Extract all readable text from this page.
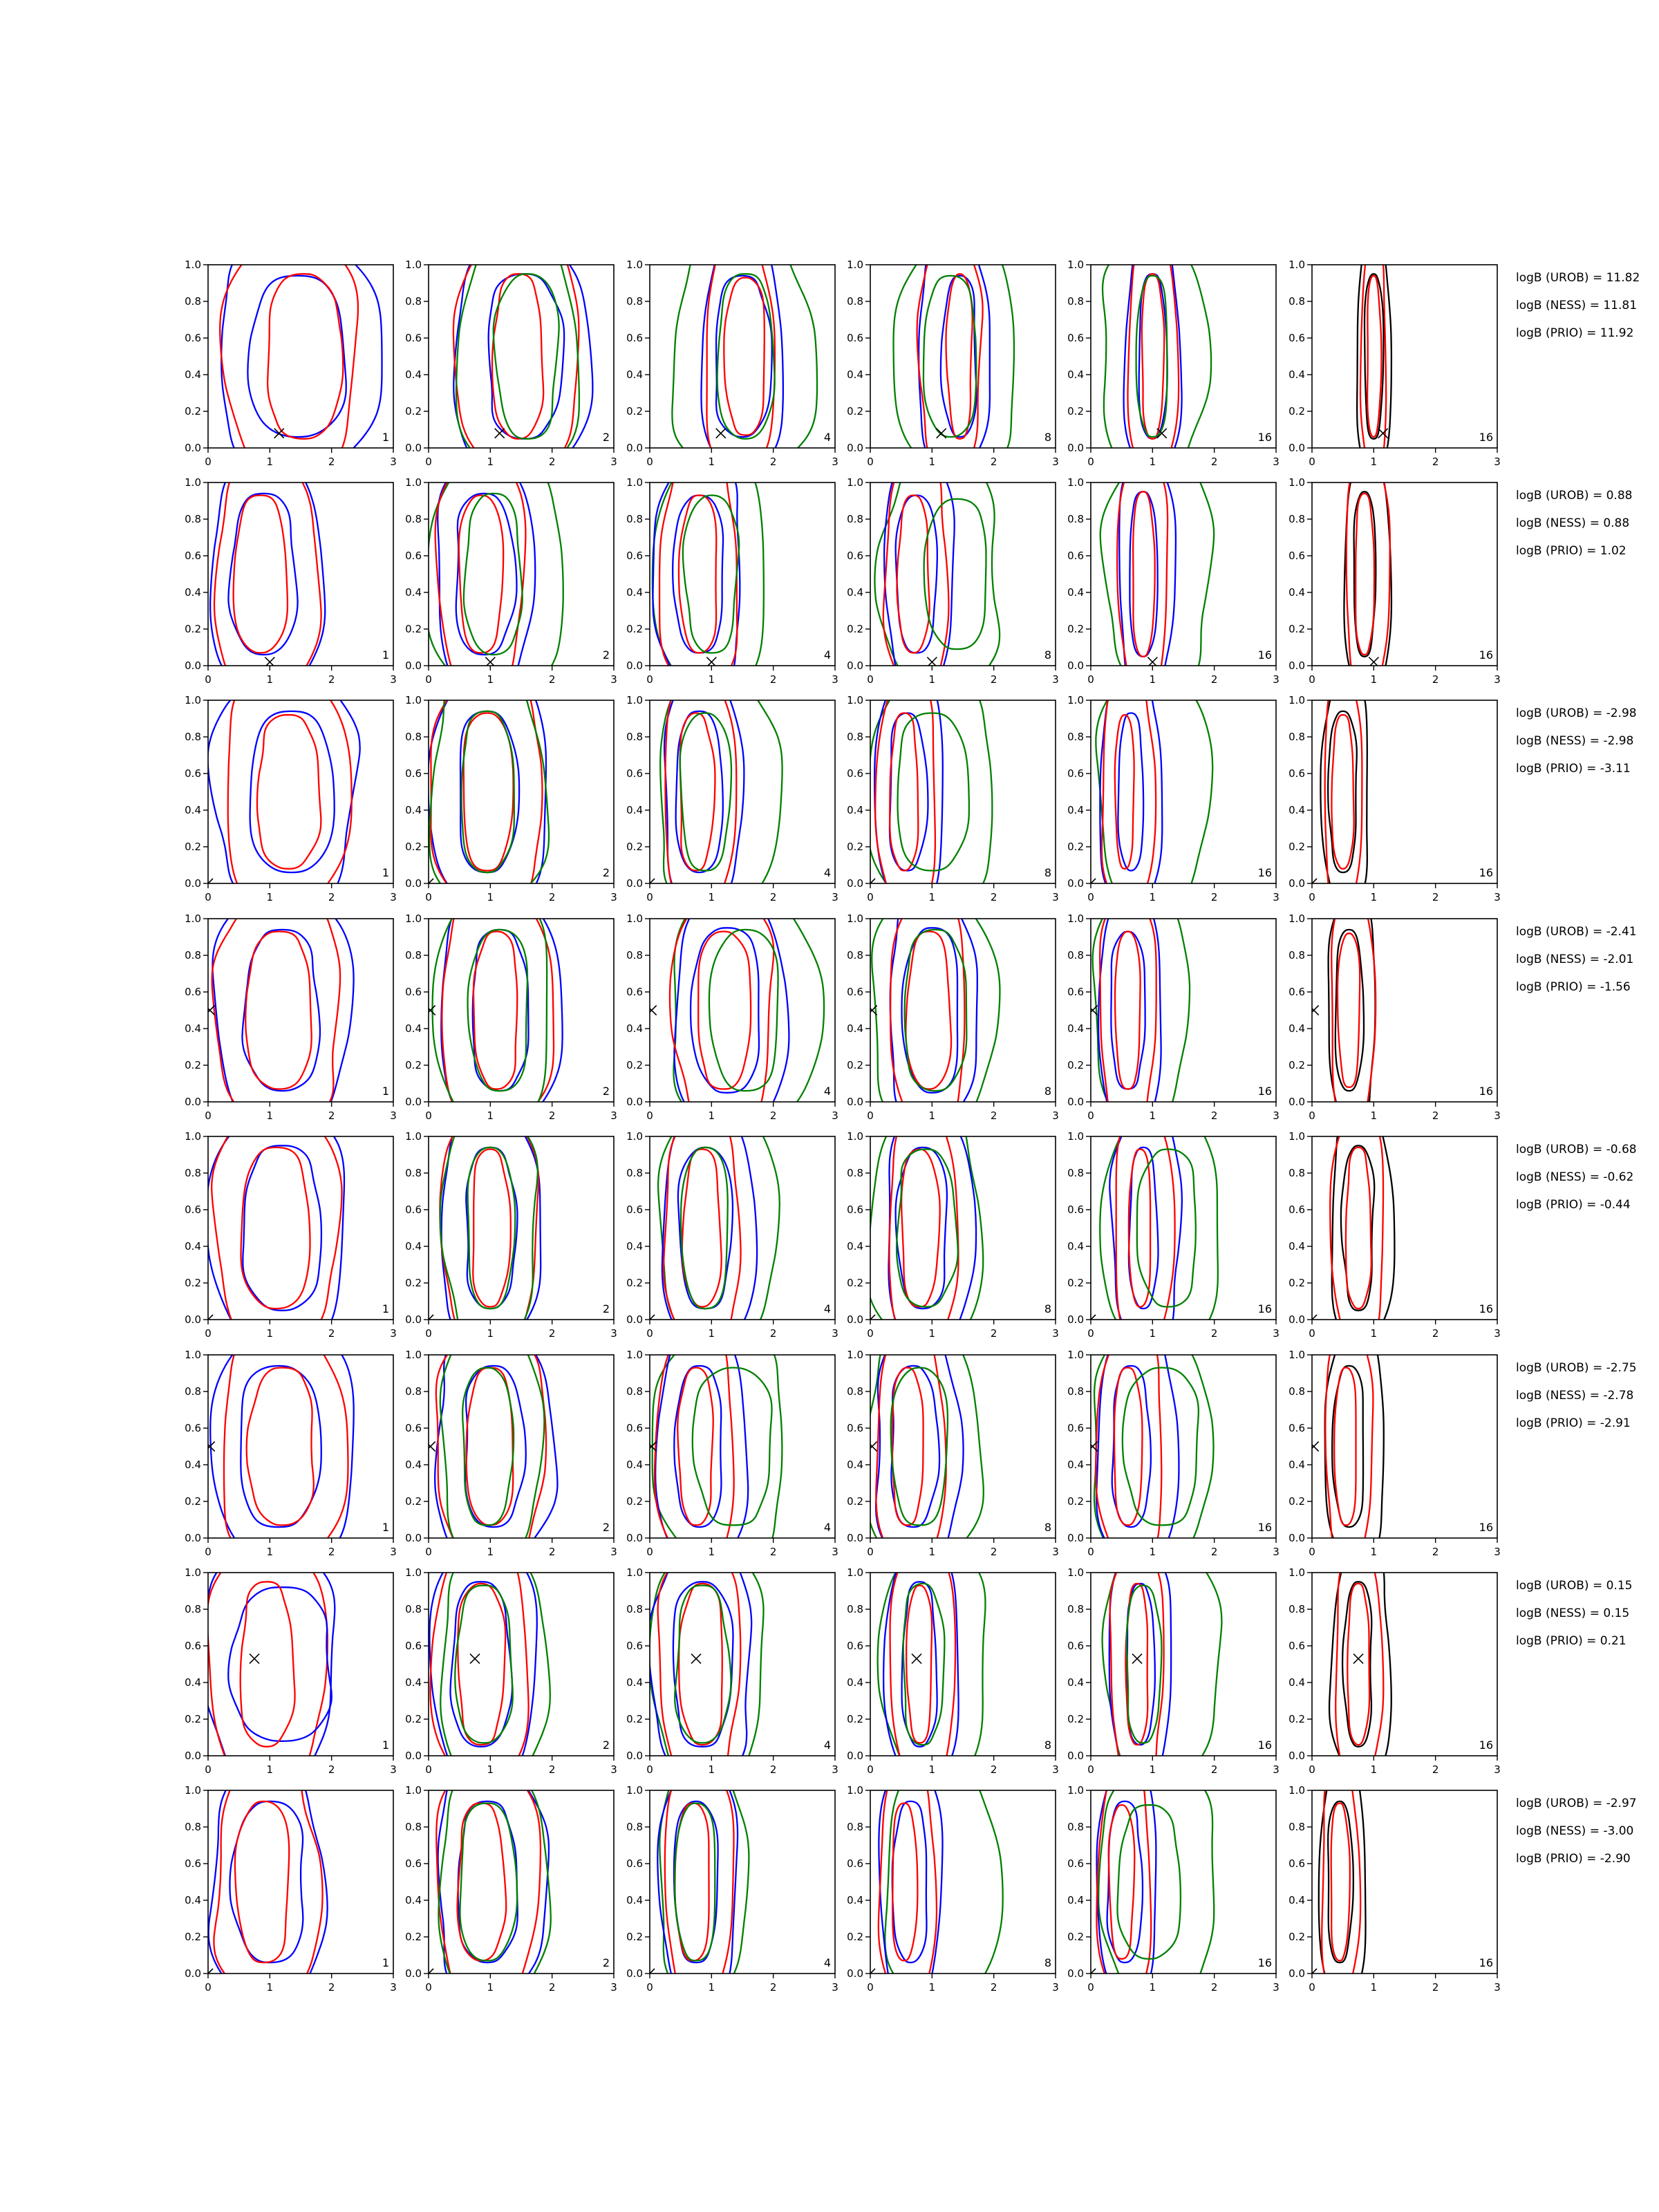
0	1	2	3
0.0
0.2
0.4
0.6
0.8
1.0
1
0	1	2	3
0.0
0.2
0.4
0.6
0.8
1.0
2
0	1	2	3
0.0
0.2
0.4
0.6
0.8
1.0
4
0	1	2	3
0.0
0.2
0.4
0.6
0.8
1.0
8
0	1	2	3
0.0
0.2
0.4
0.6
0.8
1.0
16
0	1	2	3
0.0
0.2
0.4
0.6
0.8
1.0
16
logB (UROB) = 11.82
logB (NESS) = 11.81
logB (PRIO) = 11.92
0	1	2	3
0.0
0.2
0.4
0.6
0.8
1.0
1
0	1	2	3
0.0
0.2
0.4
0.6
0.8
1.0
2
0	1	2	3
0.0
0.2
0.4
0.6
0.8
1.0
4
0	1	2	3
0.0
0.2
0.4
0.6
0.8
1.0
8
0	1	2	3
0.0
0.2
0.4
0.6
0.8
1.0
16
0	1	2	3
0.0
0.2
0.4
0.6
0.8
1.0
16
logB (UROB) = 0.88
logB (NESS) = 0.88
logB (PRIO) = 1.02
0	1	2	3
0.0
0.2
0.4
0.6
0.8
1.0
1
0	1	2	3
0.0
0.2
0.4
0.6
0.8
1.0
2
0	1	2	3
0.0
0.2
0.4
0.6
0.8
1.0
4
0	1	2	3
0.0
0.2
0.4
0.6
0.8
1.0
8
0	1	2	3
0.0
0.2
0.4
0.6
0.8
1.0
16
0	1	2	3
0.0
0.2
0.4
0.6
0.8
1.0
16
logB (UROB) = -2.98
logB (NESS) = -2.98
logB (PRIO) = -3.11
0	1	2	3
0.0
0.2
0.4
0.6
0.8
1.0
1
0	1	2	3
0.0
0.2
0.4
0.6
0.8
1.0
2
0	1	2	3
0.0
0.2
0.4
0.6
0.8
1.0
4
0	1	2	3
0.0
0.2
0.4
0.6
0.8
1.0
8
0	1	2	3
0.0
0.2
0.4
0.6
0.8
1.0
16
0	1	2	3
0.0
0.2
0.4
0.6
0.8
1.0
16
logB (UROB) = -2.41
logB (NESS) = -2.01
logB (PRIO) = -1.56
0	1	2	3
0.0
0.2
0.4
0.6
0.8
1.0
1
0	1	2	3
0.0
0.2
0.4
0.6
0.8
1.0
2
0	1	2	3
0.0
0.2
0.4
0.6
0.8
1.0
4
0	1	2	3
0.0
0.2
0.4
0.6
0.8
1.0
8
0	1	2	3
0.0
0.2
0.4
0.6
0.8
1.0
16
0	1	2	3
0.0
0.2
0.4
0.6
0.8
1.0
16
logB (UROB) = -0.68
logB (NESS) = -0.62
logB (PRIO) = -0.44
0	1	2	3
0.0
0.2
0.4
0.6
0.8
1.0
1
0	1	2	3
0.0
0.2
0.4
0.6
0.8
1.0
2
0	1	2	3
0.0
0.2
0.4
0.6
0.8
1.0
4
0	1	2	3
0.0
0.2
0.4
0.6
0.8
1.0
8
0	1	2	3
0.0
0.2
0.4
0.6
0.8
1.0
16
0	1	2	3
0.0
0.2
0.4
0.6
0.8
1.0
16
logB (UROB) = -2.75
logB (NESS) = -2.78
logB (PRIO) = -2.91
0	1	2	3
0.0
0.2
0.4
0.6
0.8
1.0
1
0	1	2	3
0.0
0.2
0.4
0.6
0.8
1.0
2
0	1	2	3
0.0
0.2
0.4
0.6
0.8
1.0
4
0	1	2	3
0.0
0.2
0.4
0.6
0.8
1.0
8
0	1	2	3
0.0
0.2
0.4
0.6
0.8
1.0
16
0	1	2	3
0.0
0.2
0.4
0.6
0.8
1.0
16
logB (UROB) = 0.15
logB (NESS) = 0.15
logB (PRIO) = 0.21
0	1	2	3
0.0
0.2
0.4
0.6
0.8
1.0
1
0	1	2	3
0.0
0.2
0.4
0.6
0.8
1.0
2
0	1	2	3
0.0
0.2
0.4
0.6
0.8
1.0
4
0	1	2	3
0.0
0.2
0.4
0.6
0.8
1.0
8
0	1	2	3
0.0
0.2
0.4
0.6
0.8
1.0
16
0	1	2	3
0.0
0.2
0.4
0.6
0.8
1.0
16
logB (UROB) = -2.97
logB (NESS) = -3.00
logB (PRIO) = -2.90
